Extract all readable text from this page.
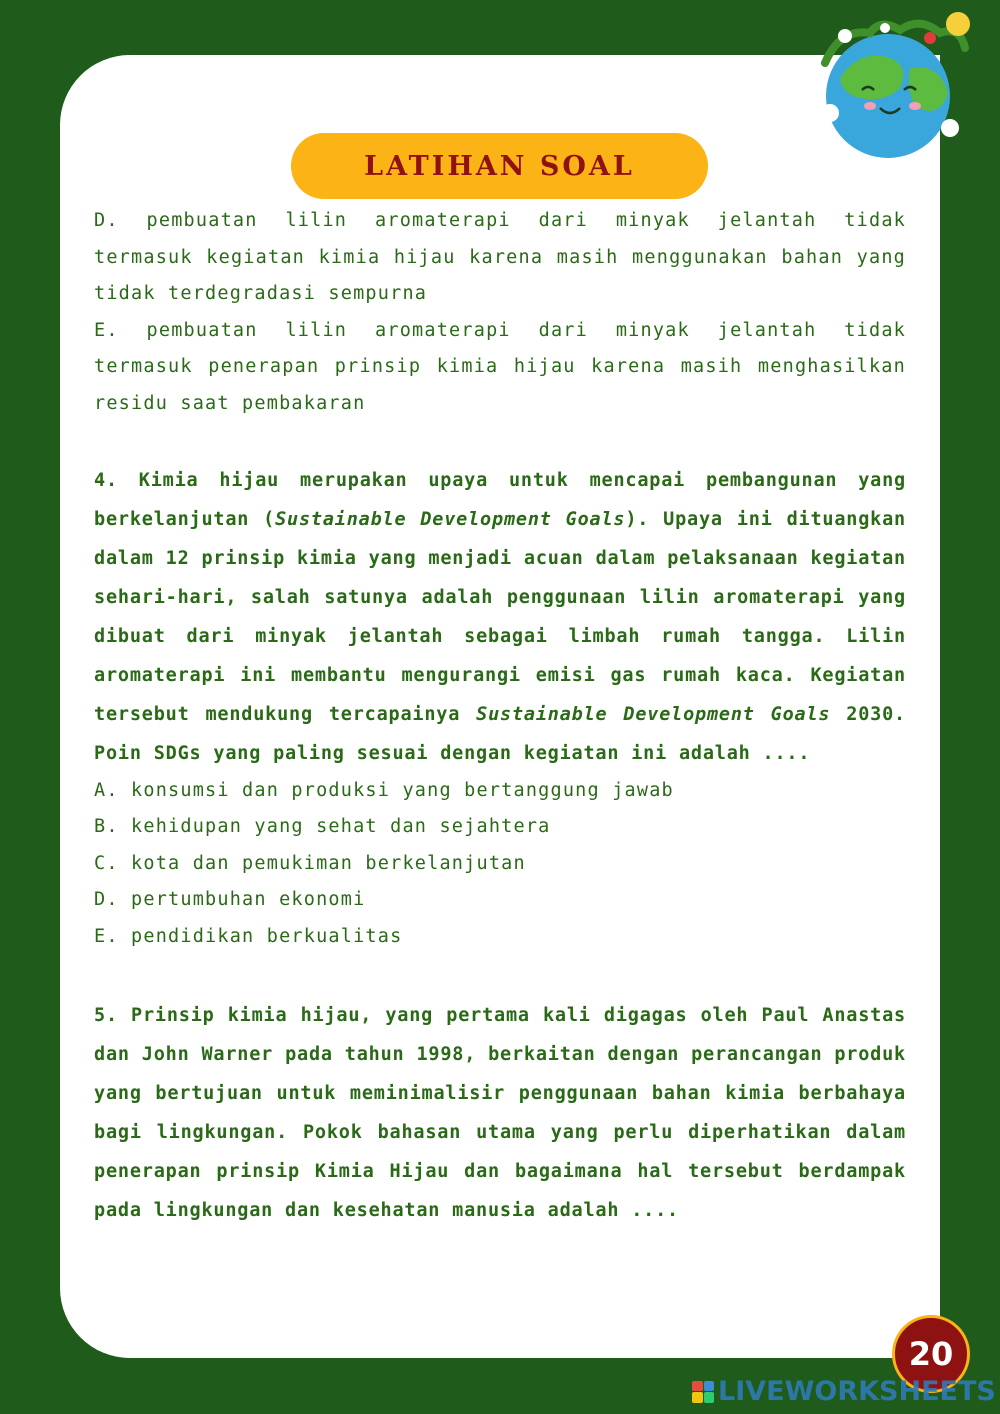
LATIHAN SOAL

D. pembuatan lilin aromaterapi dari minyak jelantah tidak termasuk kegiatan kimia hijau karena masih menggunakan bahan yang tidak terdegradasi sempurna

E. pembuatan lilin aromaterapi dari minyak jelantah tidak termasuk penerapan prinsip kimia hijau karena masih menghasilkan residu saat pembakaran

4. Kimia hijau merupakan upaya untuk mencapai pembangunan yang berkelanjutan (Sustainable Development Goals). Upaya ini dituangkan dalam 12 prinsip kimia yang menjadi acuan dalam pelaksanaan kegiatan sehari-hari, salah satunya adalah penggunaan lilin aromaterapi yang dibuat dari minyak jelantah sebagai limbah rumah tangga. Lilin aromaterapi ini membantu mengurangi emisi gas rumah kaca. Kegiatan tersebut mendukung tercapainya Sustainable Development Goals 2030. Poin SDGs yang paling sesuai dengan kegiatan ini adalah ....

A. konsumsi dan produksi yang bertanggung jawab

B. kehidupan yang sehat dan sejahtera

C. kota dan pemukiman berkelanjutan

D. pertumbuhan ekonomi

E. pendidikan berkualitas

5. Prinsip kimia hijau, yang pertama kali digagas oleh Paul Anastas dan John Warner pada tahun 1998, berkaitan dengan perancangan produk yang bertujuan untuk meminimalisir penggunaan bahan kimia berbahaya bagi lingkungan. Pokok bahasan utama yang perlu diperhatikan dalam penerapan prinsip Kimia Hijau dan bagaimana hal tersebut berdampak pada lingkungan dan kesehatan manusia adalah ....

20
LIVEWORKSHEETS
